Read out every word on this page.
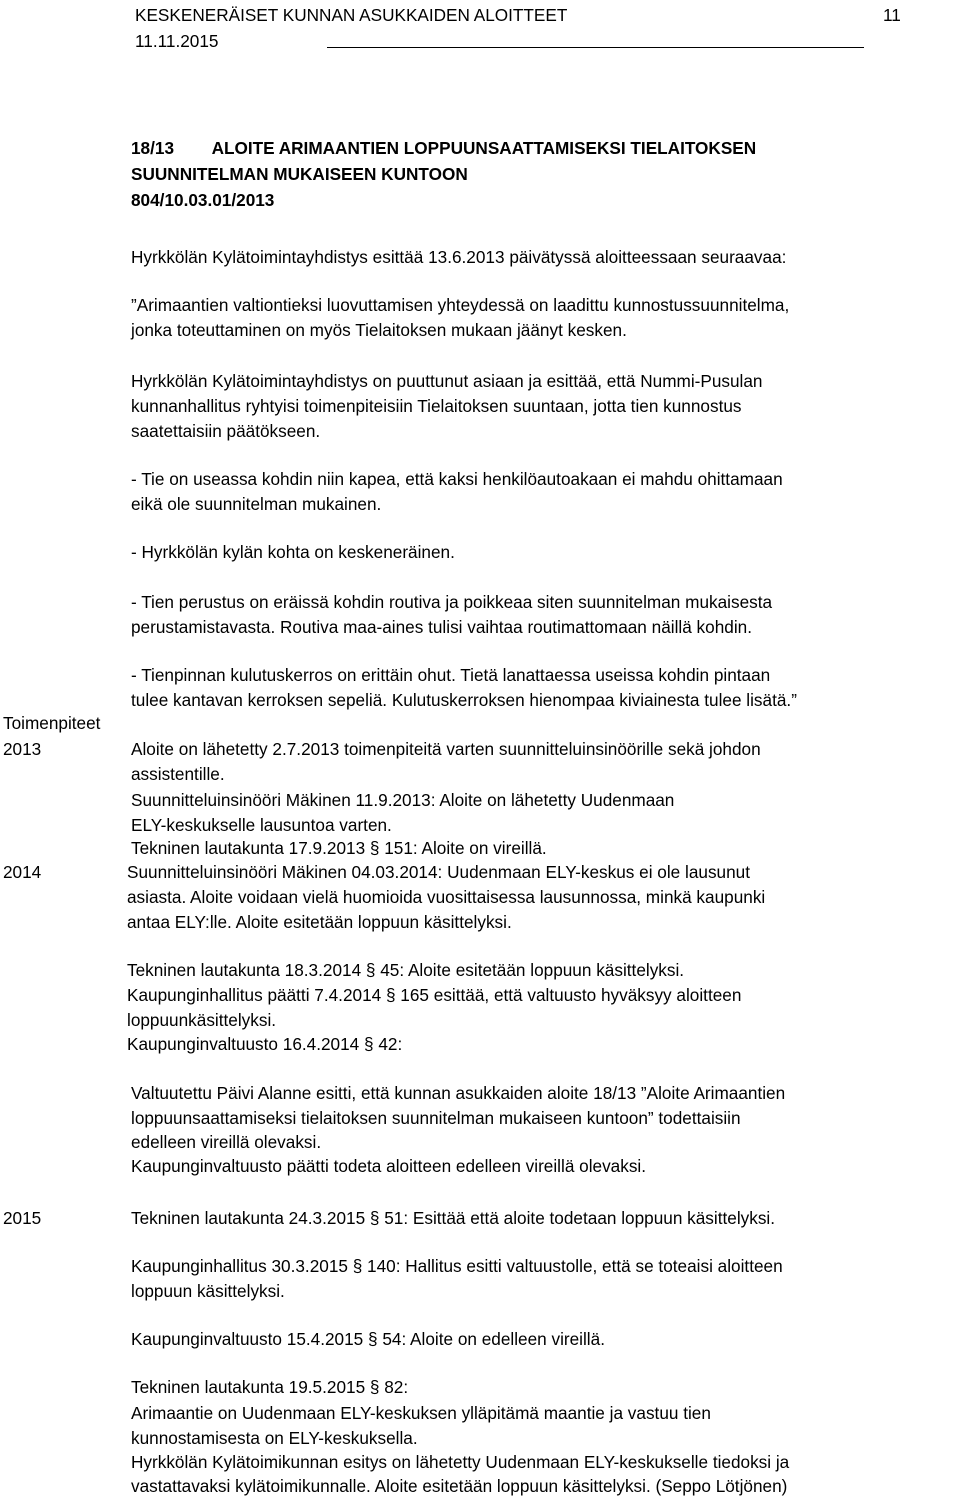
KESKENERÄISET KUNNAN ASUKKAIDEN ALOITTEET	11
11.11.2015
18/13        ALOITE ARIMAANTIEN LOPPUUNSAATTAMISEKSI TIELAITOKSEN
SUUNNITELMAN MUKAISEEN KUNTOON
804/10.03.01/2013
Hyrkkölän Kylätoimintayhdistys esittää 13.6.2013 päivätyssä aloitteessaan seuraavaa:
”Arimaantien valtiontieksi luovuttamisen yhteydessä on laadittu kunnostussuunnitelma,
jonka toteuttaminen on myös Tielaitoksen mukaan jäänyt kesken.
Hyrkkölän Kylätoimintayhdistys on puuttunut asiaan ja esittää, että Nummi-Pusulan
kunnanhallitus ryhtyisi toimenpiteisiin Tielaitoksen suuntaan, jotta tien kunnostus
saatettaisiin päätökseen.
- Tie on useassa kohdin niin kapea, että kaksi henkilöautoakaan ei mahdu ohittamaan
eikä ole suunnitelman mukainen.
- Hyrkkölän kylän kohta on keskeneräinen.
- Tien perustus on eräissä kohdin routiva ja poikkeaa siten suunnitelman mukaisesta
perustamistavasta. Routiva maa-aines tulisi vaihtaa routimattomaan näillä kohdin.
- Tienpinnan kulutuskerros on erittäin ohut. Tietä lanattaessa useissa kohdin pintaan
tulee kantavan kerroksen sepeliä. Kulutuskerroksen hienompaa kiviainesta tulee lisätä.”
Toimenpiteet
2013	Aloite on lähetetty 2.7.2013 toimenpiteitä varten suunnitteluinsinöörille sekä johdon
assistentille.
Suunnitteluinsinööri Mäkinen 11.9.2013: Aloite on lähetetty Uudenmaan
ELY-keskukselle lausuntoa varten.
Tekninen lautakunta 17.9.2013 § 151: Aloite on vireillä.
2014	Suunnitteluinsinööri Mäkinen 04.03.2014: Uudenmaan ELY-keskus ei ole lausunut
asiasta. Aloite voidaan vielä huomioida vuosittaisessa lausunnossa, minkä kaupunki
antaa ELY:lle. Aloite esitetään loppuun käsittelyksi.
Tekninen lautakunta 18.3.2014 § 45: Aloite esitetään loppuun käsittelyksi.
Kaupunginhallitus päätti 7.4.2014 § 165 esittää, että valtuusto hyväksyy aloitteen
loppuunkäsittelyksi.
Kaupunginvaltuusto 16.4.2014 § 42:
Valtuutettu Päivi Alanne esitti, että kunnan asukkaiden aloite 18/13 ”Aloite Arimaantien
loppuunsaattamiseksi tielaitoksen suunnitelman mukaiseen kuntoon” todettaisiin
edelleen vireillä olevaksi.
Kaupunginvaltuusto päätti todeta aloitteen edelleen vireillä olevaksi.
2015	Tekninen lautakunta 24.3.2015 § 51: Esittää että aloite todetaan loppuun käsittelyksi.
Kaupunginhallitus 30.3.2015 § 140: Hallitus esitti valtuustolle, että se toteaisi aloitteen
loppuun käsittelyksi.
Kaupunginvaltuusto 15.4.2015 § 54: Aloite on edelleen vireillä.
Tekninen lautakunta 19.5.2015 § 82:
Arimaantie on Uudenmaan ELY-keskuksen ylläpitämä maantie ja vastuu tien
kunnostamisesta on ELY-keskuksella.
Hyrkkölän Kylätoimikunnan esitys on lähetetty Uudenmaan ELY-keskukselle tiedoksi ja
vastattavaksi kylätoimikunnalle. Aloite esitetään loppuun käsittelyksi. (Seppo Lötjönen)
